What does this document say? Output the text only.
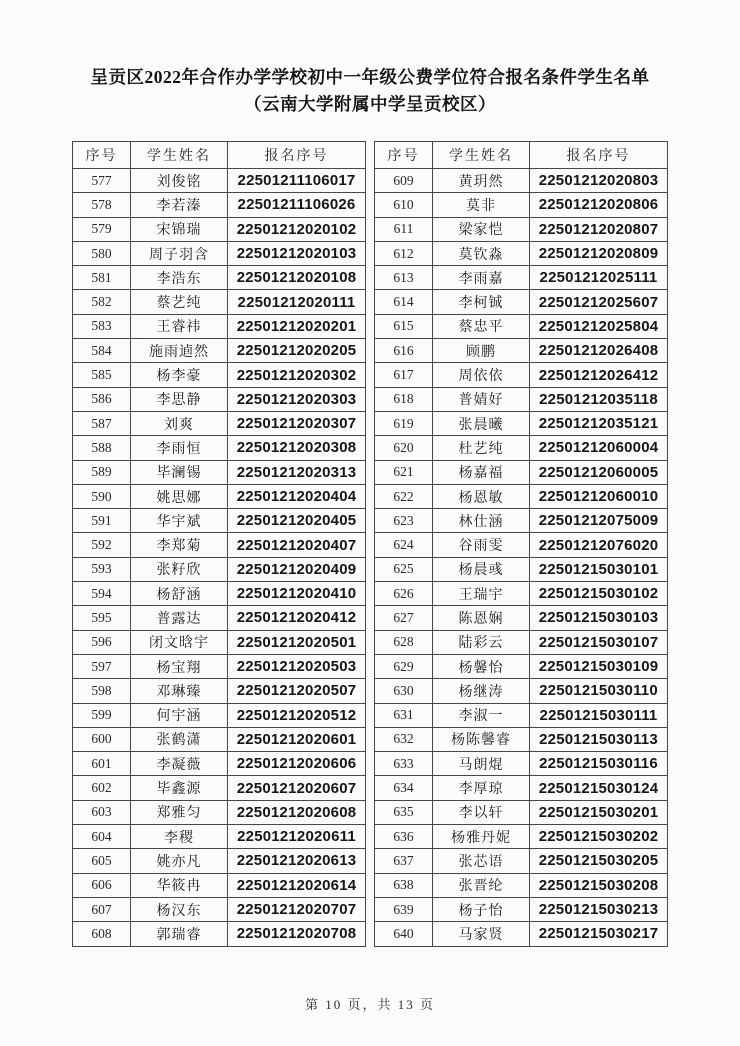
呈贡区2022年合作办学学校初中一年级公费学位符合报名条件学生名单
（云南大学附属中学呈贡校区）
序号	学生姓名	报名序号
577	刘俊铭	22501211106017
578	李若溱	22501211106026
579	宋锦瑞	22501212020102
580	周子羽含	22501212020103
581	李浩东	22501212020108
582	蔡艺纯	22501212020111
583	王睿祎	22501212020201
584	施雨逌然	22501212020205
585	杨李豪	22501212020302
586	李思静	22501212020303
587	刘爽	22501212020307
588	李雨恒	22501212020308
589	毕澜锡	22501212020313
590	姚思娜	22501212020404
591	华宇斌	22501212020405
592	李郑菊	22501212020407
593	张籽欣	22501212020409
594	杨舒涵	22501212020410
595	普露达	22501212020412
596	闭文晗宇	22501212020501
597	杨宝翔	22501212020503
598	邓琳臻	22501212020507
599	何宇涵	22501212020512
600	张鹤潇	22501212020601
601	李凝薇	22501212020606
602	毕鑫源	22501212020607
603	郑雅匀	22501212020608
604	李稷	22501212020611
605	姚亦凡	22501212020613
606	华筱冉	22501212020614
607	杨汉东	22501212020707
608	郭瑞睿	22501212020708
序号	学生姓名	报名序号
609	黄玥然	22501212020803
610	莫非	22501212020806
611	梁家恺	22501212020807
612	莫钦淼	22501212020809
613	李雨嘉	22501212025111
614	李柯铖	22501212025607
615	蔡忠平	22501212025804
616	顾鹏	22501212026408
617	周依依	22501212026412
618	普婧好	22501212035118
619	张晨曦	22501212035121
620	杜艺纯	22501212060004
621	杨嘉福	22501212060005
622	杨恩敏	22501212060010
623	林仕涵	22501212075009
624	谷雨雯	22501212076020
625	杨晨彧	22501215030101
626	王瑞宇	22501215030102
627	陈恩娴	22501215030103
628	陆彩云	22501215030107
629	杨馨怡	22501215030109
630	杨继涛	22501215030110
631	李淑一	22501215030111
632	杨陈馨睿	22501215030113
633	马朗焜	22501215030116
634	李厚琼	22501215030124
635	李以轩	22501215030201
636	杨雅丹妮	22501215030202
637	张芯语	22501215030205
638	张晋纶	22501215030208
639	杨子怡	22501215030213
640	马家贤	22501215030217
第 10 页，共 13 页
